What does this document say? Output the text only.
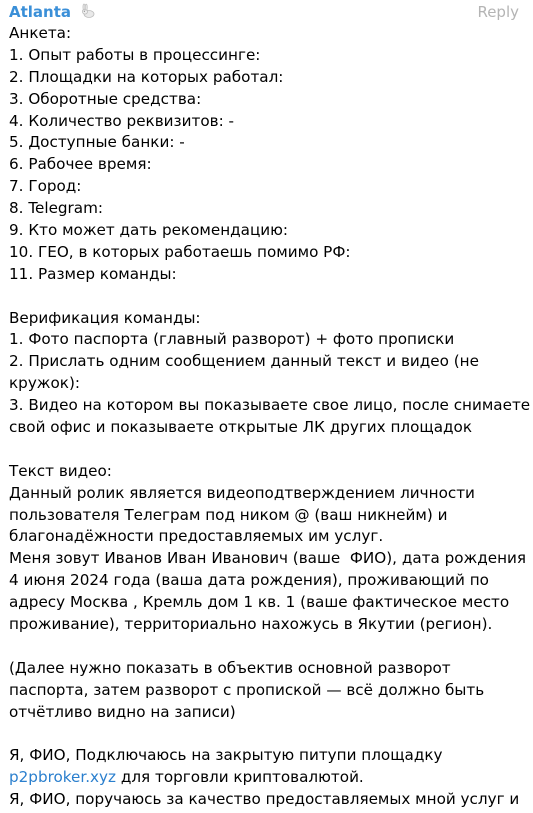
Atlanta	Reply
Анкета:
1. Опыт работы в процессинге:
2. Площадки на которых работал:
3. Оборотные средства:
4. Количество реквизитов: -
5. Доступные банки: -
6. Рабочее время:
7. Город:
8. Telegram:
9. Кто может дать рекомендацию:
10. ГЕО, в которых работаешь помимо РФ:
11. Размер команды:
Верификация команды:
1. Фото паспорта (главный разворот) + фото прописки
2. Прислать одним сообщением данный текст и видео (не
кружок):
3. Видео на котором вы показываете свое лицо, после снимаете
свой офис и показываете открытые ЛК других площадок
Текст видео:
Данный ролик является видеоподтверждением личности
пользователя Телеграм под ником @ (ваш никнейм) и
благонадёжности предоставляемых им услуг.
Меня зовут Иванов Иван Иванович (ваше  ФИО), дата рождения
4 июня 2024 года (ваша дата рождения), проживающий по
адресу Москва , Кремль дом 1 кв. 1 (ваше фактическое место
проживание), территориально нахожусь в Якутии (регион).
(Далее нужно показать в объектив основной разворот
паспорта, затем разворот с пропиской — всё должно быть
отчётливо видно на записи)
Я, ФИО, Подключаюсь на закрытую питупи площадку
p2pbroker.xyz для торговли криптовалютой.
Я, ФИО, поручаюсь за качество предоставляемых мной услуг и
